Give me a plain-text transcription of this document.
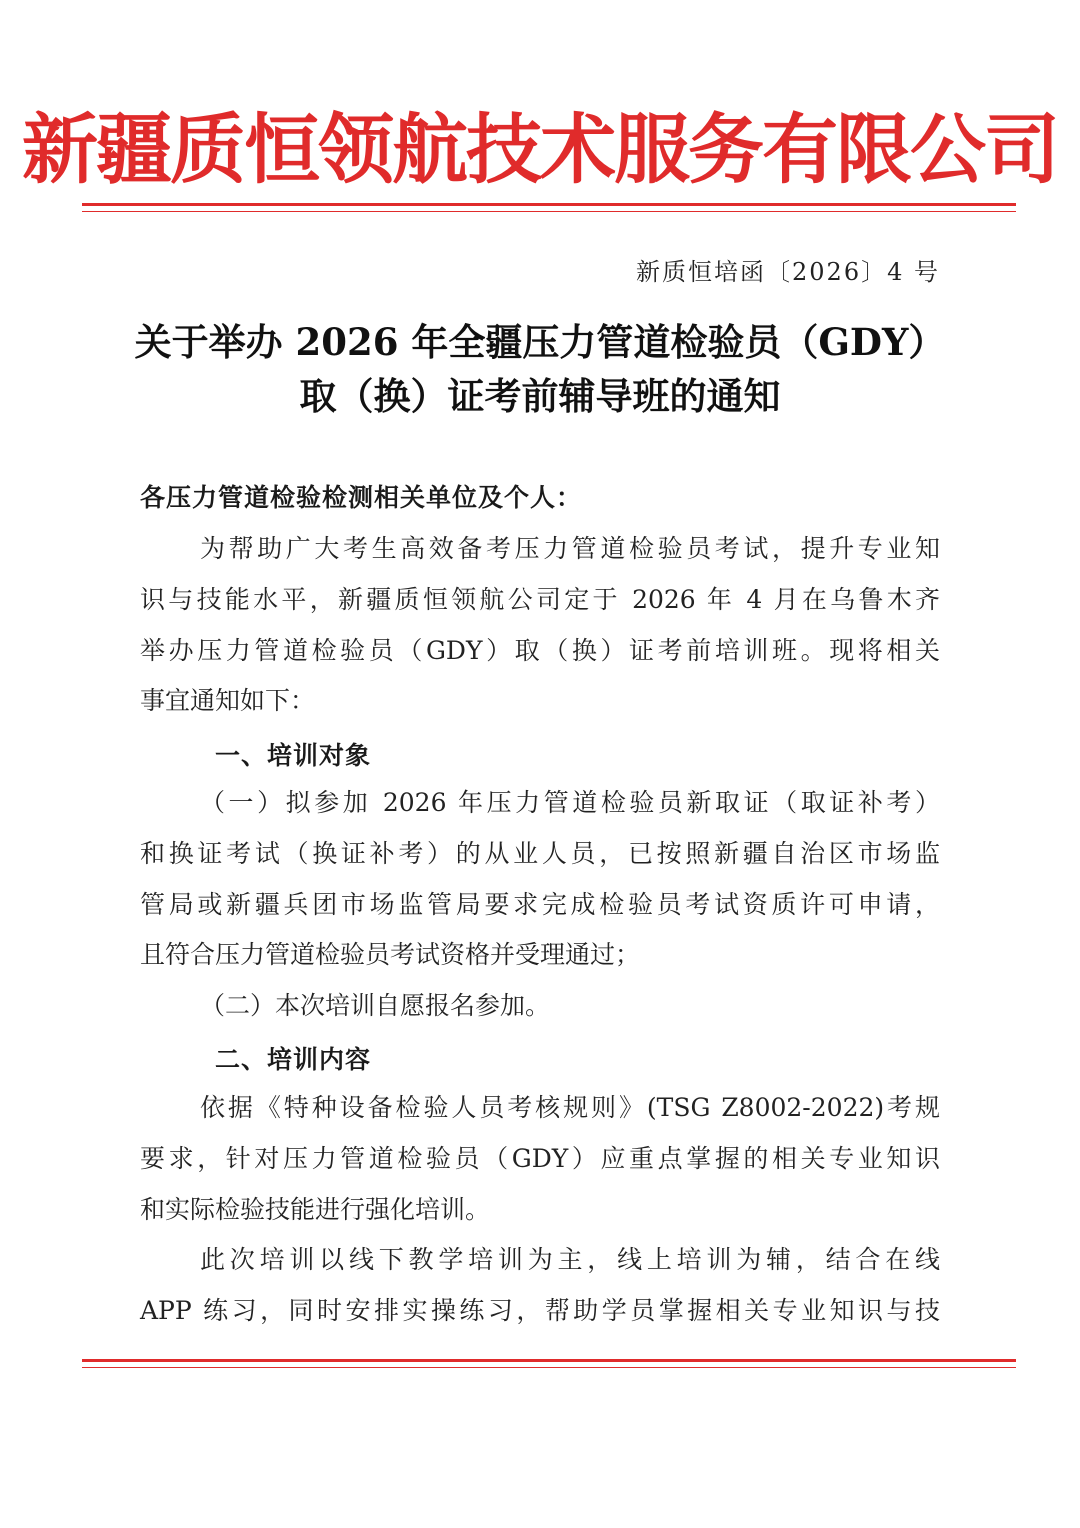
新疆质恒领航技术服务有限公司
新质恒培函〔2026〕4 号
关于举办 2026 年全疆压力管道检验员（GDY）
取（换）证考前辅导班的通知
各压力管道检验检测相关单位及个人：
为帮助广大考生高效备考压力管道检验员考试，提升专业知
识与技能水平，新疆质恒领航公司定于 2026 年 4 月在乌鲁木齐
举办压力管道检验员（GDY）取（换）证考前培训班。现将相关
事宜通知如下：
一、培训对象
（一）拟参加 2026 年压力管道检验员新取证（取证补考）
和换证考试（换证补考）的从业人员，已按照新疆自治区市场监
管局或新疆兵团市场监管局要求完成检验员考试资质许可申请，
且符合压力管道检验员考试资格并受理通过；
（二）本次培训自愿报名参加。
二、培训内容
依据《特种设备检验人员考核规则》(TSG Z8002-2022)考规
要求，针对压力管道检验员（GDY）应重点掌握的相关专业知识
和实际检验技能进行强化培训。
此次培训以线下教学培训为主，线上培训为辅，结合在线
APP 练习，同时安排实操练习，帮助学员掌握相关专业知识与技
